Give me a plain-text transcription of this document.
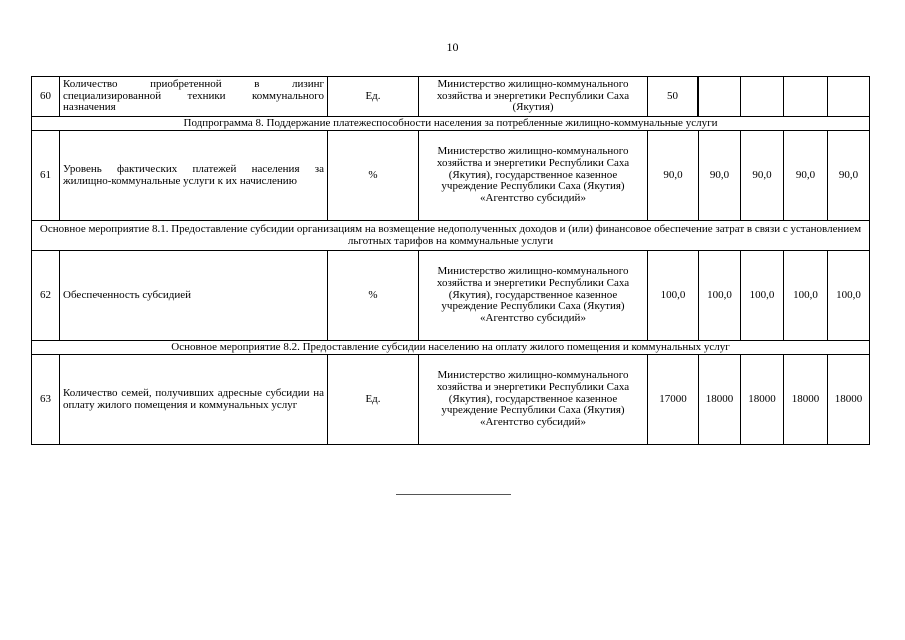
10
60	Количество приобретенной в лизинг специализированной техники коммунального назначения	Ед.	Министерство жилищно-коммунального хозяйства и энергетики Республики Саха (Якутия)	50					
Подпрограмма 8. Поддержание платежеспособности населения за потребленные жилищно-коммунальные услуги								
61	Уровень фактических платежей населения за жилищно-коммунальные услуги к их начислению	%	Министерство жилищно-коммунального хозяйства и энергетики Республики Саха (Якутия), государственное казенное учреждение Республики Саха (Якутия) «Агентство субсидий»	90,0	90,0	90,0	90,0	90,0
Основное мероприятие 8.1. Предоставление субсидии организациям на возмещение недополученных доходов и (или) финансовое обеспечение затрат в связи с установлением льготных тарифов на коммунальные услуги								
62	Обеспеченность субсидией	%	Министерство жилищно-коммунального хозяйства и энергетики Республики Саха (Якутия), государственное казенное учреждение Республики Саха (Якутия) «Агентство субсидий»	100,0	100,0	100,0	100,0	100,0
Основное мероприятие 8.2. Предоставление субсидии населению на оплату жилого помещения и коммунальных услуг								
63	Количество семей, получивших адресные субсидии на оплату жилого помещения и коммунальных услуг	Ед.	Министерство жилищно-коммунального хозяйства и энергетики Республики Саха (Якутия), государственное казенное учреждение Республики Саха (Якутия) «Агентство субсидий»	17000	18000	18000	18000	18000
